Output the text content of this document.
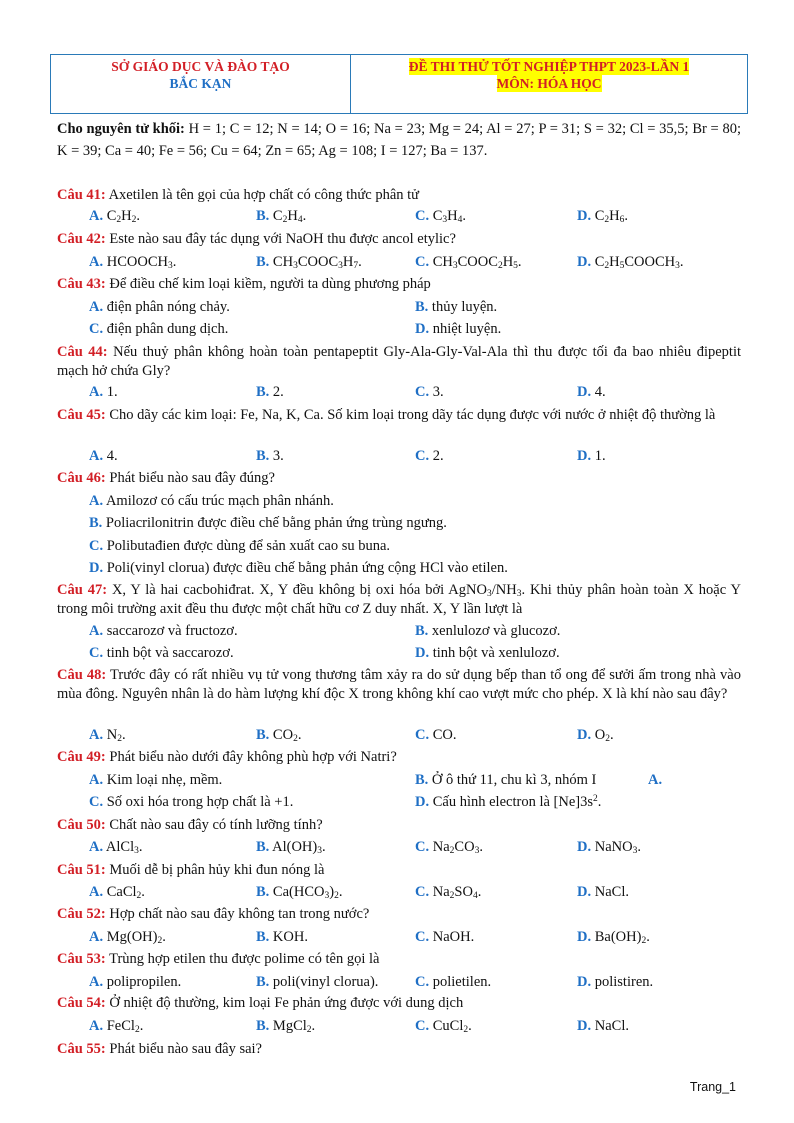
SỞ GIÁO DỤC VÀ ĐÀO TẠO
BẮC KẠN
ĐỀ THI THỬ TỐT NGHIỆP THPT 2023-LẦN 1
MÔN: HÓA HỌC
Cho nguyên tử khối: H = 1; C = 12; N = 14; O = 16; Na = 23; Mg = 24; Al = 27; P = 31; S = 32; Cl = 35,5; Br = 80; K = 39; Ca = 40; Fe = 56; Cu = 64; Zn = 65; Ag = 108; I = 127; Ba = 137.
Câu 41: Axetilen là tên gọi của hợp chất có công thức phân tử
A. $C_2H_2$.	B. $C_2H_4$.	C. $C_3H_4$.	D. $C_2H_6$.
Câu 42: Este nào sau đây tác dụng với NaOH thu được ancol etylic?
A. $HCOOCH_3$.	B. $CH_3COOC_3H_7$.	C. $CH_3COOC_2H_5$.	D. $C_2H_5COOCH_3$.
Câu 43: Để điều chế kim loại kiềm, người ta dùng phương pháp
A. điện phân nóng chảy.	B. thủy luyện.
C. điện phân dung dịch.	D. nhiệt luyện.
Câu 44: Nếu thuỷ phân không hoàn toàn pentapeptit Gly-Ala-Gly-Val-Ala thì thu được tối đa bao nhiêu đipeptit mạch hở chứa Gly?
A. 1.	B. 2.	C. 3.	D. 4.
Câu 45: Cho dãy các kim loại: Fe, Na, K, Ca. Số kim loại trong dãy tác dụng được với nước ở nhiệt độ thường là
A. 4.	B. 3.	C. 2.	D. 1.
Câu 46: Phát biểu nào sau đây đúng?
A. Amilozơ có cấu trúc mạch phân nhánh.
B. Poliacrilonitrin được điều chế bằng phản ứng trùng ngưng.
C. Polibutađien được dùng để sản xuất cao su buna.
D. Poli(vinyl clorua) được điều chế bằng phản ứng cộng HCl vào etilen.
Câu 47: X, Y là hai cacbohiđrat. X, Y đều không bị oxi hóa bởi $AgNO_3/NH_3$. Khi thủy phân hoàn toàn X hoặc Y trong môi trường axit đều thu được một chất hữu cơ Z duy nhất. X, Y lần lượt là
A. saccarozơ và fructozơ.	B. xenlulozơ và glucozơ.
C. tinh bột và saccarozơ.	D. tinh bột và xenlulozơ.
Câu 48: Trước đây có rất nhiều vụ tử vong thương tâm xảy ra do sử dụng bếp than tổ ong để sưởi ấm trong nhà vào mùa đông. Nguyên nhân là do hàm lượng khí độc X trong không khí cao vượt mức cho phép. X là khí nào sau đây?
A. $N_2$.	B. $CO_2$.	C. CO.	D. $O_2$.
Câu 49: Phát biểu nào dưới đây không phù hợp với Natri?
A. Kim loại nhẹ, mềm.	B. Ở ô thứ 11, chu kì 3, nhóm I	A.
C. Số oxi hóa trong hợp chất là +1.	D. Cấu hình electron là $[Ne]3s^2$.
Câu 50: Chất nào sau đây có tính lưỡng tính?
A. AlCl$_3$.	B. $Al(OH)_3$.	C. $Na_2CO_3$.	D. NaNO$_3$.
Câu 51: Muối dễ bị phân hủy khi đun nóng là
A. CaCl$_2$.	B. $Ca(HCO_3)_2$.	C. $Na_2SO_4$.	D. NaCl.
Câu 52: Hợp chất nào sau đây không tan trong nước?
A. $Mg(OH)_2$.	B. KOH.	C. NaOH.	D. $Ba(OH)_2$.
Câu 53: Trùng hợp etilen thu được polime có tên gọi là
A. polipropilen.	B. poli(vinyl clorua).	C. polietilen.	D. polistiren.
Câu 54: Ở nhiệt độ thường, kim loại Fe phản ứng được với dung dịch
A. FeCl$_2$.	B. MgCl$_2$.	C. CuCl$_2$.	D. NaCl.
Câu 55: Phát biểu nào sau đây sai?
Trang_1
